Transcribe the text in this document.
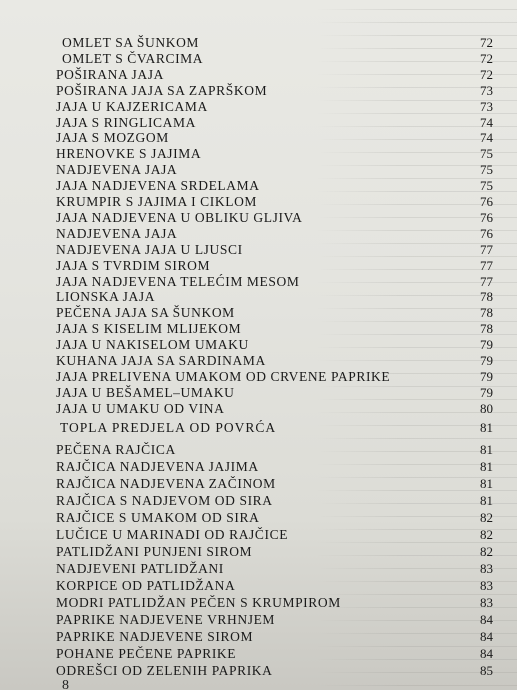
OMLET SA ŠUNKOM	72
OMLET S ČVARCIMA	72
POŠIRANA JAJA	72
POŠIRANA JAJA SA ZAPRŠKOM	73
JAJA U KAJZERICAMA	73
JAJA S RINGLICAMA	74
JAJA S MOZGOM	74
HRENOVKE S JAJIMA	75
NADJEVENA JAJA	75
JAJA NADJEVENA SRDELAMA	75
KRUMPIR S JAJIMA I CIKLOM	76
JAJA NADJEVENA U OBLIKU GLJIVA	76
NADJEVENA JAJA	76
NADJEVENA JAJA U LJUSCI	77
JAJA S TVRDIM SIROM	77
JAJA NADJEVENA TELEĆIM MESOM	77
LIONSKA JAJA	78
PEČENA JAJA SA ŠUNKOM	78
JAJA S KISELIM MLIJEKOM	78
JAJA U NAKISELOM UMAKU	79
KUHANA JAJA SA SARDINAMA	79
JAJA PRELIVENA UMAKOM OD CRVENE PAPRIKE	79
JAJA U BEŠAMEL–UMAKU	79
JAJA U UMAKU OD VINA	80
TOPLA PREDJELA OD POVRĆA	81
PEČENA RAJČICA	81
RAJČICA NADJEVENA JAJIMA	81
RAJČICA NADJEVENA ZAČINOM	81
RAJČICA S NADJEVOM OD SIRA	81
RAJČICE S UMAKOM OD SIRA	82
LUČICE U MARINADI OD RAJČICE	82
PATLIDŽANI PUNJENI SIROM	82
NADJEVENI PATLIDŽANI	83
KORPICE OD PATLIDŽANA	83
MODRI PATLIDŽAN PEČEN S KRUMPIROM	83
PAPRIKE NADJEVENE VRHNJEM	84
PAPRIKE NADJEVENE SIROM	84
POHANE PEČENE PAPRIKE	84
ODREŠCI OD ZELENIH PAPRIKA	85
8
